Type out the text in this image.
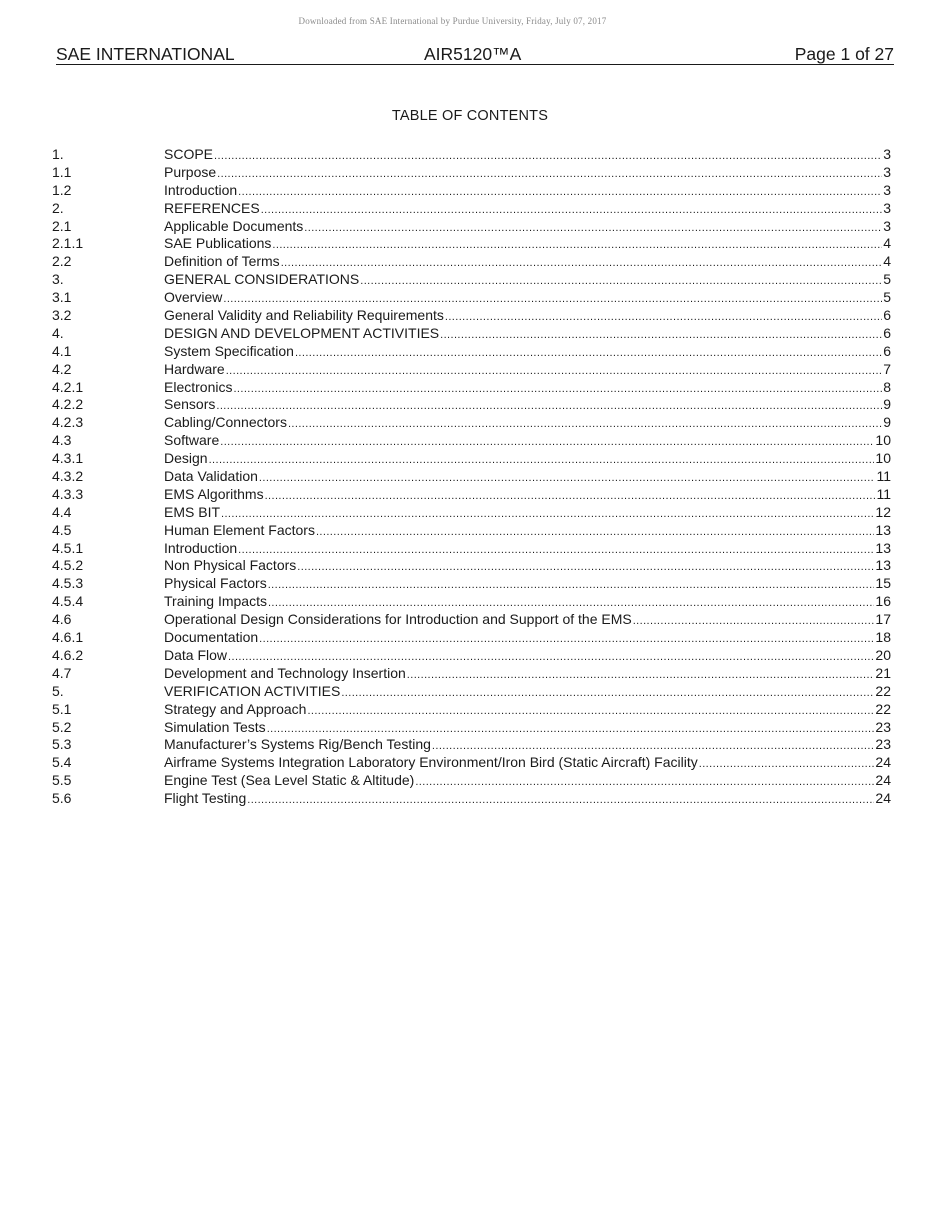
Downloaded from SAE International by Purdue University, Friday, July 07, 2017
SAE INTERNATIONAL	AIR5120™A	Page 1 of 27
TABLE OF CONTENTS
1.	SCOPE .....	3
1.1	Purpose .....	3
1.2	Introduction .....	3
2.	REFERENCES .....	3
2.1	Applicable Documents .....	3
2.1.1	SAE Publications .....	4
2.2	Definition of Terms .....	4
3.	GENERAL CONSIDERATIONS .....	5
3.1	Overview .....	5
3.2	General Validity and Reliability Requirements .....	6
4.	DESIGN AND DEVELOPMENT ACTIVITIES .....	6
4.1	System Specification .....	6
4.2	Hardware .....	7
4.2.1	Electronics .....	8
4.2.2	Sensors .....	9
4.2.3	Cabling/Connectors .....	9
4.3	Software .....	10
4.3.1	Design .....	10
4.3.2	Data Validation .....	11
4.3.3	EMS Algorithms .....	11
4.4	EMS BIT .....	12
4.5	Human Element Factors .....	13
4.5.1	Introduction .....	13
4.5.2	Non Physical Factors .....	13
4.5.3	Physical Factors .....	15
4.5.4	Training Impacts .....	16
4.6	Operational Design Considerations for Introduction and Support of the EMS .....	17
4.6.1	Documentation .....	18
4.6.2	Data Flow .....	20
4.7	Development and Technology Insertion .....	21
5.	VERIFICATION ACTIVITIES .....	22
5.1	Strategy and Approach .....	22
5.2	Simulation Tests .....	23
5.3	Manufacturer’s Systems Rig/Bench Testing .....	23
5.4	Airframe Systems Integration Laboratory Environment/Iron Bird (Static Aircraft) Facility .....	24
5.5	Engine Test (Sea Level Static & Altitude) .....	24
5.6	Flight Testing .....	24
